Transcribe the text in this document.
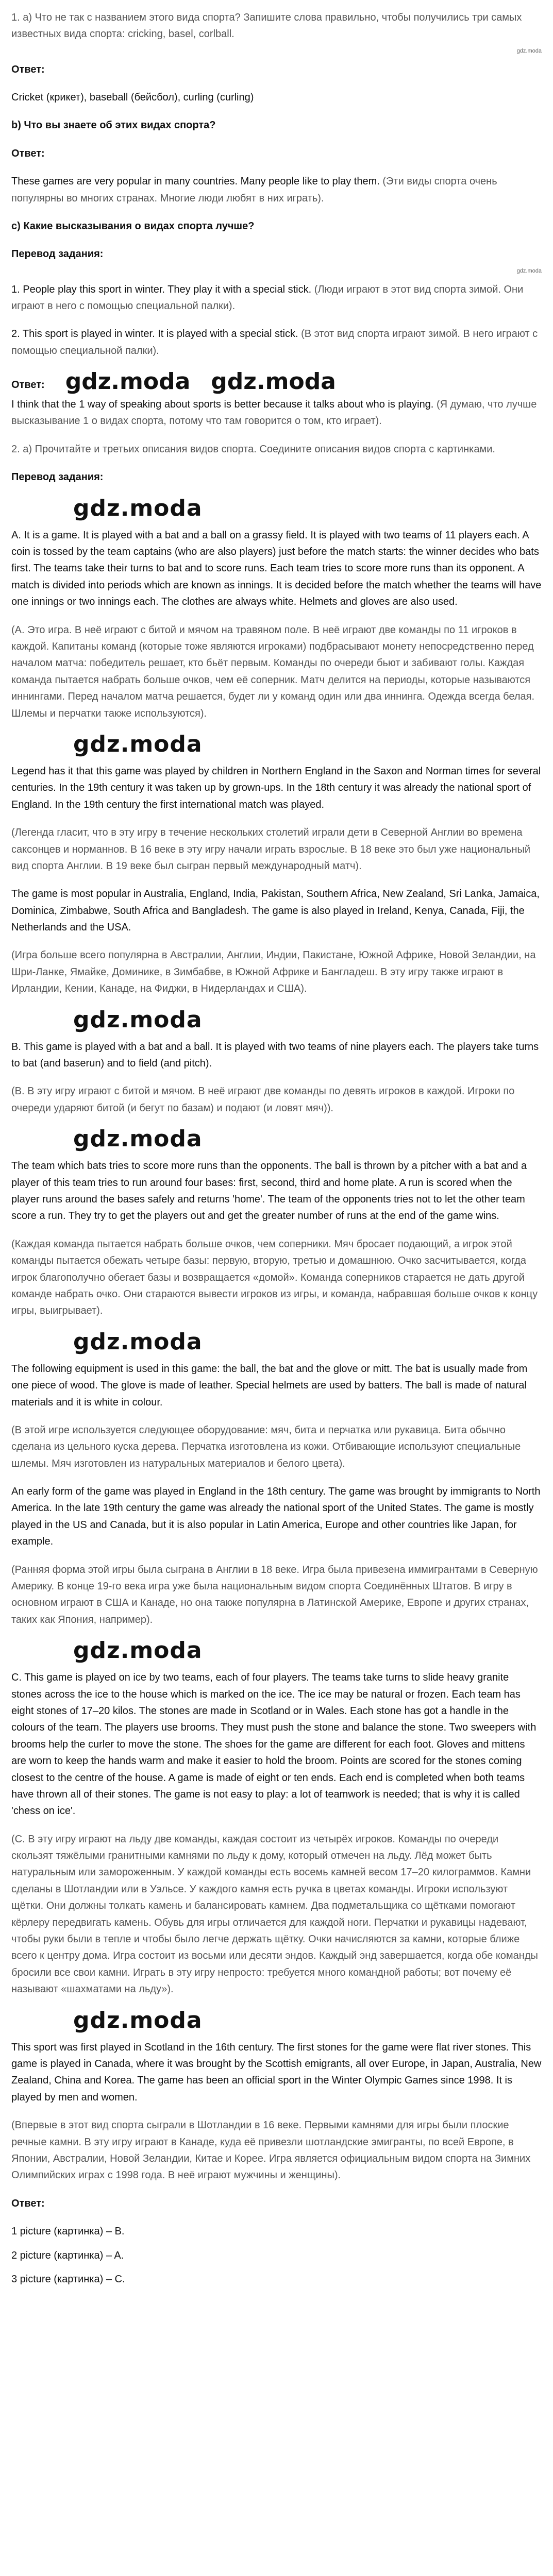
1. a) Что не так с названием этого вида спорта? Запишите слова правильно, чтобы получились три самых известных вида спорта: cricking, basel, corlball.

gdz.moda

Ответ:

Cricket (крикет), baseball (бейсбол), curling (curling)

b) Что вы знаете об этих видах спорта?

Ответ:

These games are very popular in many countries. Many people like to play them. (Эти виды спорта очень популярны во многих странах. Многие люди любят в них играть).

c) Какие высказывания о видах спорта лучше?

Перевод задания:

gdz.moda

1. People play this sport in winter. They play it with a special stick. (Люди играют в этот вид спорта зимой. Они играют в него с помощью специальной палки).

2. This sport is played in winter. It is played with a special stick. (В этот вид спорта играют зимой. В него играют с помощью специальной палки).

Ответ: gdz.moda gdz.moda

I think that the 1 way of speaking about sports is better because it talks about who is playing. (Я думаю, что лучше высказывание 1 о видах спорта, потому что там говорится о том, кто играет).

2. a) Прочитайте и третьих описания видов спорта. Соедините описания видов спорта с картинками.

Перевод задания:

gdz.moda

A. It is a game. It is played with a bat and a ball on a grassy field. It is played with two teams of 11 players each. A coin is tossed by the team captains (who are also players) just before the match starts: the winner decides who bats first. The teams take their turns to bat and to score runs. Each team tries to score more runs than its opponent. A match is divided into periods which are known as innings. It is decided before the match whether the teams will have one innings or two innings each. The clothes are always white. Helmets and gloves are also used.

(А. Это игра. В неё играют с битой и мячом на травяном поле. В неё играют две команды по 11 игроков в каждой. Капитаны команд (которые тоже являются игроками) подбрасывают монету непосредственно перед началом матча: победитель решает, кто бьёт первым. Команды по очереди бьют и забивают голы. Каждая команда пытается набрать больше очков, чем её соперник. Матч делится на периоды, которые называются иннингами. Перед началом матча решается, будет ли у команд один или два иннинга. Одежда всегда белая. Шлемы и перчатки также используются).

gdz.moda

Legend has it that this game was played by children in Northern England in the Saxon and Norman times for several centuries. In the 19th century it was taken up by grown-ups. In the 18th century it was already the national sport of England. In the 19th century the first international match was played.

(Легенда гласит, что в эту игру в течение нескольких столетий играли дети в Северной Англии во времена саксонцев и норманнов. В 16 веке в эту игру начали играть взрослые. В 18 веке это был уже национальный вид спорта Англии. В 19 веке был сыгран первый международный матч).

The game is most popular in Australia, England, India, Pakistan, Southern Africa, New Zealand, Sri Lanka, Jamaica, Dominica, Zimbabwe, South Africa and Bangladesh. The game is also played in Ireland, Kenya, Canada, Fiji, the Netherlands and the USA.

(Игра больше всего популярна в Австралии, Англии, Индии, Пакистане, Южной Африке, Новой Зеландии, на Шри-Ланке, Ямайке, Доминике, в Зимбабве, в Южной Африке и Бангладеш. В эту игру также играют в Ирландии, Кении, Канаде, на Фиджи, в Нидерландах и США).

gdz.moda

B. This game is played with a bat and a ball. It is played with two teams of nine players each. The players take turns to bat (and baserun) and to field (and pitch).

(B. В эту игру играют с битой и мячом. В неё играют две команды по девять игроков в каждой. Игроки по очереди ударяют битой (и бегут по базам) и подают (и ловят мяч)).

gdz.moda

The team which bats tries to score more runs than the opponents. The ball is thrown by a pitcher with a bat and a player of this team tries to run around four bases: first, second, third and home plate. A run is scored when the player runs around the bases safely and returns 'home'. The team of the opponents tries not to let the other team score a run. They try to get the players out and get the greater number of runs at the end of the game wins.

(Каждая команда пытается набрать больше очков, чем соперники. Мяч бросает подающий, а игрок этой команды пытается обежать четыре базы: первую, вторую, третью и домашнюю. Очко засчитывается, когда игрок благополучно обегает базы и возвращается «домой». Команда соперников старается не дать другой команде набрать очко. Они стараются вывести игроков из игры, и команда, набравшая больше очков к концу игры, выигрывает).

gdz.moda

The following equipment is used in this game: the ball, the bat and the glove or mitt. The bat is usually made from one piece of wood. The glove is made of leather. Special helmets are used by batters. The ball is made of natural materials and it is white in colour.

(В этой игре используется следующее оборудование: мяч, бита и перчатка или рукавица. Бита обычно сделана из цельного куска дерева. Перчатка изготовлена из кожи. Отбивающие используют специальные шлемы. Мяч изготовлен из натуральных материалов и белого цвета).

An early form of the game was played in England in the 18th century. The game was brought by immigrants to North America. In the late 19th century the game was already the national sport of the United States. The game is mostly played in the US and Canada, but it is also popular in Latin America, Europe and other countries like Japan, for example.

(Ранняя форма этой игры была сыграна в Англии в 18 веке. Игра была привезена иммигрантами в Северную Америку. В конце 19-го века игра уже была национальным видом спорта Соединённых Штатов. В игру в основном играют в США и Канаде, но она также популярна в Латинской Америке, Европе и других странах, таких как Япония, например).

gdz.moda

C. This game is played on ice by two teams, each of four players. The teams take turns to slide heavy granite stones across the ice to the house which is marked on the ice. The ice may be natural or frozen. Each team has eight stones of 17–20 kilos. The stones are made in Scotland or in Wales. Each stone has got a handle in the colours of the team. The players use brooms. They must push the stone and balance the stone. Two sweepers with brooms help the curler to move the stone. The shoes for the game are different for each foot. Gloves and mittens are worn to keep the hands warm and make it easier to hold the broom. Points are scored for the stones coming closest to the centre of the house. A game is made of eight or ten ends. Each end is completed when both teams have thrown all of their stones. The game is not easy to play: a lot of teamwork is needed; that is why it is called 'chess on ice'.

(С. В эту игру играют на льду две команды, каждая состоит из четырёх игроков. Команды по очереди скользят тяжёлыми гранитными камнями по льду к дому, который отмечен на льду. Лёд может быть натуральным или замороженным. У каждой команды есть восемь камней весом 17–20 килограммов. Камни сделаны в Шотландии или в Уэльсе. У каждого камня есть ручка в цветах команды. Игроки используют щётки. Они должны толкать камень и балансировать камнем. Два подметальщика со щётками помогают кёрлеру передвигать камень. Обувь для игры отличается для каждой ноги. Перчатки и рукавицы надевают, чтобы руки были в тепле и чтобы было легче держать щётку. Очки начисляются за камни, которые ближе всего к центру дома. Игра состоит из восьми или десяти эндов. Каждый энд завершается, когда обе команды бросили все свои камни. Играть в эту игру непросто: требуется много командной работы; вот почему её называют «шахматами на льду»).

gdz.moda

This sport was first played in Scotland in the 16th century. The first stones for the game were flat river stones. This game is played in Canada, where it was brought by the Scottish emigrants, all over Europe, in Japan, Australia, New Zealand, China and Korea. The game has been an official sport in the Winter Olympic Games since 1998. It is played by men and women.

(Впервые в этот вид спорта сыграли в Шотландии в 16 веке. Первыми камнями для игры были плоские речные камни. В эту игру играют в Канаде, куда её привезли шотландские эмигранты, по всей Европе, в Японии, Австралии, Новой Зеландии, Китае и Корее. Игра является официальным видом спорта на Зимних Олимпийских играх с 1998 года. В неё играют мужчины и женщины).

Ответ:

1 picture (картинка) – B.

2 picture (картинка) – A.

3 picture (картинка) – C.
